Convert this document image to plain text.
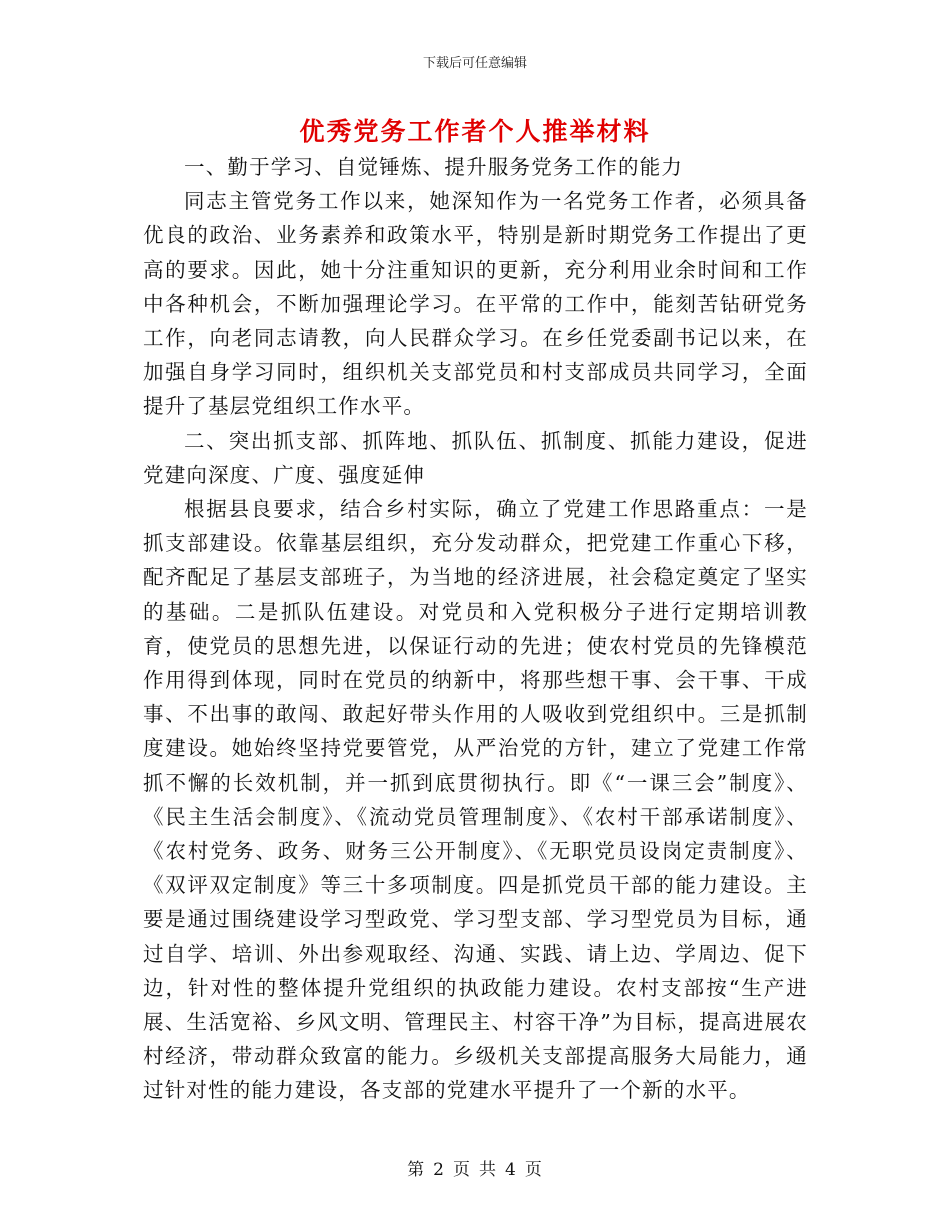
下载后可任意编辑
优秀党务工作者个人推举材料

一、勤于学习、自觉锤炼、提升服务党务工作的能力

同志主管党务工作以来，她深知作为一名党务工作者，必须具备优良的政治、业务素养和政策水平，特别是新时期党务工作提出了更高的要求。因此，她十分注重知识的更新，充分利用业余时间和工作中各种机会，不断加强理论学习。在平常的工作中，能刻苦钻研党务工作，向老同志请教，向人民群众学习。在乡任党委副书记以来，在加强自身学习同时，组织机关支部党员和村支部成员共同学习，全面提升了基层党组织工作水平。

二、突出抓支部、抓阵地、抓队伍、抓制度、抓能力建设，促进党建向深度、广度、强度延伸

根据县良要求，结合乡村实际，确立了党建工作思路重点：一是抓支部建设。依靠基层组织，充分发动群众，把党建工作重心下移，配齐配足了基层支部班子，为当地的经济进展，社会稳定奠定了坚实的基础。二是抓队伍建设。对党员和入党积极分子进行定期培训教育，使党员的思想先进，以保证行动的先进；使农村党员的先锋模范作用得到体现，同时在党员的纳新中，将那些想干事、会干事、干成事、不出事的敢闯、敢起好带头作用的人吸收到党组织中。三是抓制度建设。她始终坚持党要管党，从严治党的方针，建立了党建工作常抓不懈的长效机制，并一抓到底贯彻执行。即《“一课三会”制度》、《民主生活会制度》、《流动党员管理制度》、《农村干部承诺制度》、《农村党务、政务、财务三公开制度》、《无职党员设岗定责制度》、《双评双定制度》等三十多项制度。四是抓党员干部的能力建设。主要是通过围绕建设学习型政党、学习型支部、学习型党员为目标，通过自学、培训、外出参观取经、沟通、实践、请上边、学周边、促下边，针对性的整体提升党组织的执政能力建设。农村支部按“生产进展、生活宽裕、乡风文明、管理民主、村容干净”为目标，提高进展农村经济，带动群众致富的能力。乡级机关支部提高服务大局能力，通过针对性的能力建设，各支部的党建水平提升了一个新的水平。

第 2 页 共 4 页
